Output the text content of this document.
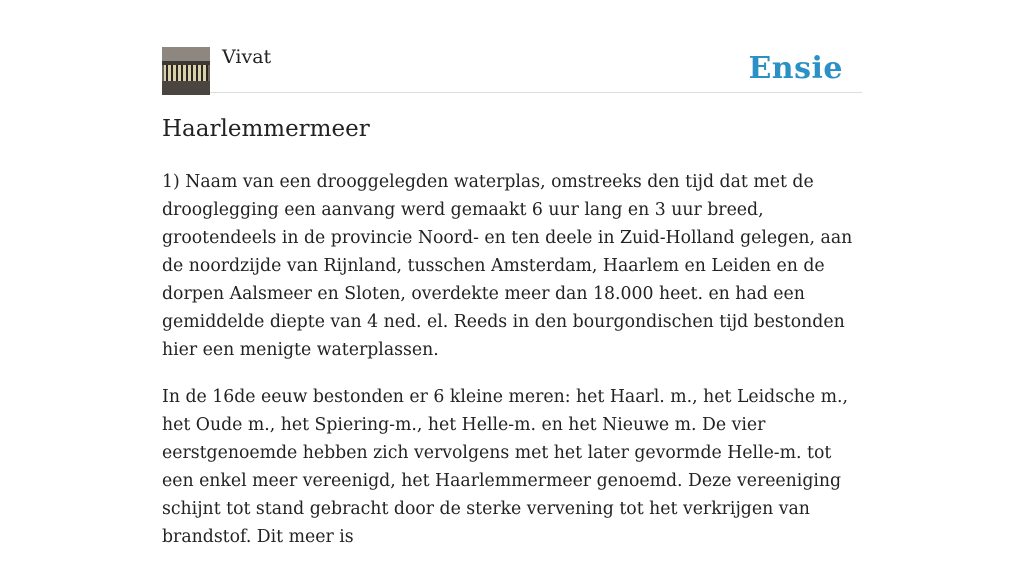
Vivat	Ensie
Haarlemmermeer

1) Naam van een drooggelegden waterplas, omstreeks den tijd dat met de drooglegging een aanvang werd gemaakt 6 uur lang en 3 uur breed, grootendeels in de provincie Noord- en ten deele in Zuid-Holland gelegen, aan de noordzijde van Rijnland, tusschen Amsterdam, Haarlem en Leiden en de dorpen Aalsmeer en Sloten, overdekte meer dan 18.000 heet. en had een gemiddelde diepte van 4 ned. el. Reeds in den bourgondischen tijd bestonden hier een menigte waterplassen.

In de 16de eeuw bestonden er 6 kleine meren: het Haarl. m., het Leidsche m., het Oude m., het Spiering-m., het Helle-m. en het Nieuwe m. De vier eerstgenoemde hebben zich vervolgens met het later gevormde Helle-m. tot een enkel meer vereenigd, het Haarlemmermeer genoemd. Deze vereeniging schijnt tot stand gebracht door de sterke vervening tot het verkrijgen van brandstof. Dit meer is
